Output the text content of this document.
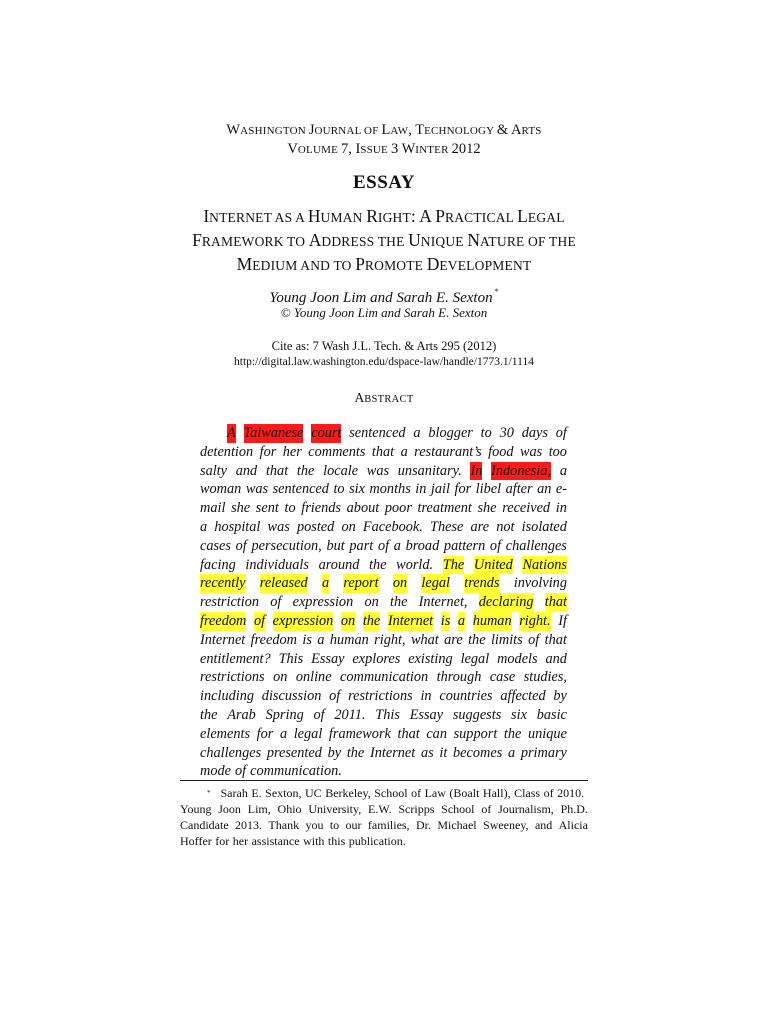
WASHINGTON JOURNAL OF LAW, TECHNOLOGY & ARTS
VOLUME 7, ISSUE 3 WINTER 2012
ESSAY
INTERNET AS A HUMAN RIGHT: A PRACTICAL LEGAL
FRAMEWORK TO ADDRESS THE UNIQUE NATURE OF THE
MEDIUM AND TO PROMOTE DEVELOPMENT
Young Joon Lim and Sarah E. Sexton *
© Young Joon Lim and Sarah E. Sexton
Cite as: 7 Wash J.L. Tech. & Arts 295 (2012)
http://digital.law.washington.edu/dspace-law/handle/1773.1/1114
ABSTRACT
A Taiwanese court sentenced a blogger to 30 days of
detention for her comments that a restaurant’s food was too
salty and that the locale was unsanitary. In Indonesia, a
woman was sentenced to six months in jail for libel after an e-
mail she sent to friends about poor treatment she received in
a hospital was posted on Facebook. These are not isolated
cases of persecution, but part of a broad pattern of challenges
facing individuals around the world. The United Nations
recently released a report on legal trends involving
restriction of expression on the Internet, declaring that
freedom of expression on the Internet is a human right. If
Internet freedom is a human right, what are the limits of that
entitlement? This Essay explores existing legal models and
restrictions on online communication through case studies,
including discussion of restrictions in countries affected by
the Arab Spring of 2011. This Essay suggests six basic
elements for a legal framework that can support the unique
challenges presented by the Internet as it becomes a primary
mode of communication.
* Sarah E. Sexton, UC Berkeley, School of Law (Boalt Hall), Class of 2010.
Young Joon Lim, Ohio University, E.W. Scripps School of Journalism, Ph.D.
Candidate 2013. Thank you to our families, Dr. Michael Sweeney, and Alicia
Hoffer for her assistance with this publication.
